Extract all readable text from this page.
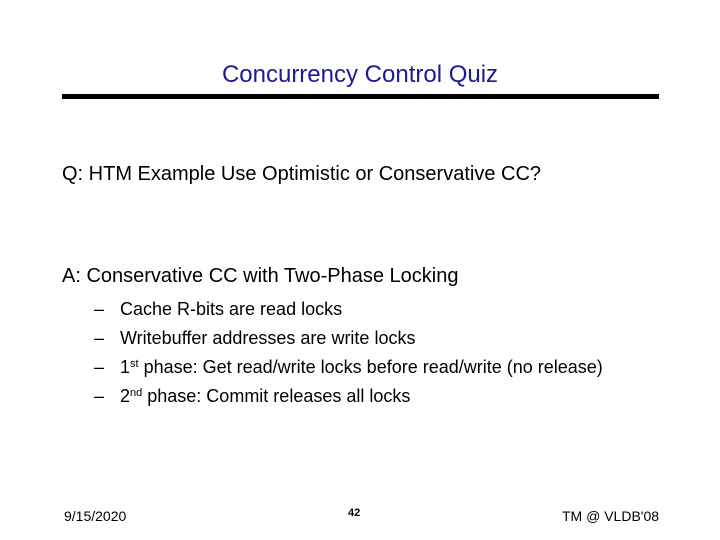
Concurrency Control Quiz
Q: HTM Example Use Optimistic or Conservative CC?
A: Conservative CC with Two-Phase Locking
– Cache R-bits are read locks
– Writebuffer addresses are write locks
– 1st phase: Get read/write locks before read/write (no release)
– 2nd phase: Commit releases all locks
9/15/2020	42	TM @ VLDB'08
